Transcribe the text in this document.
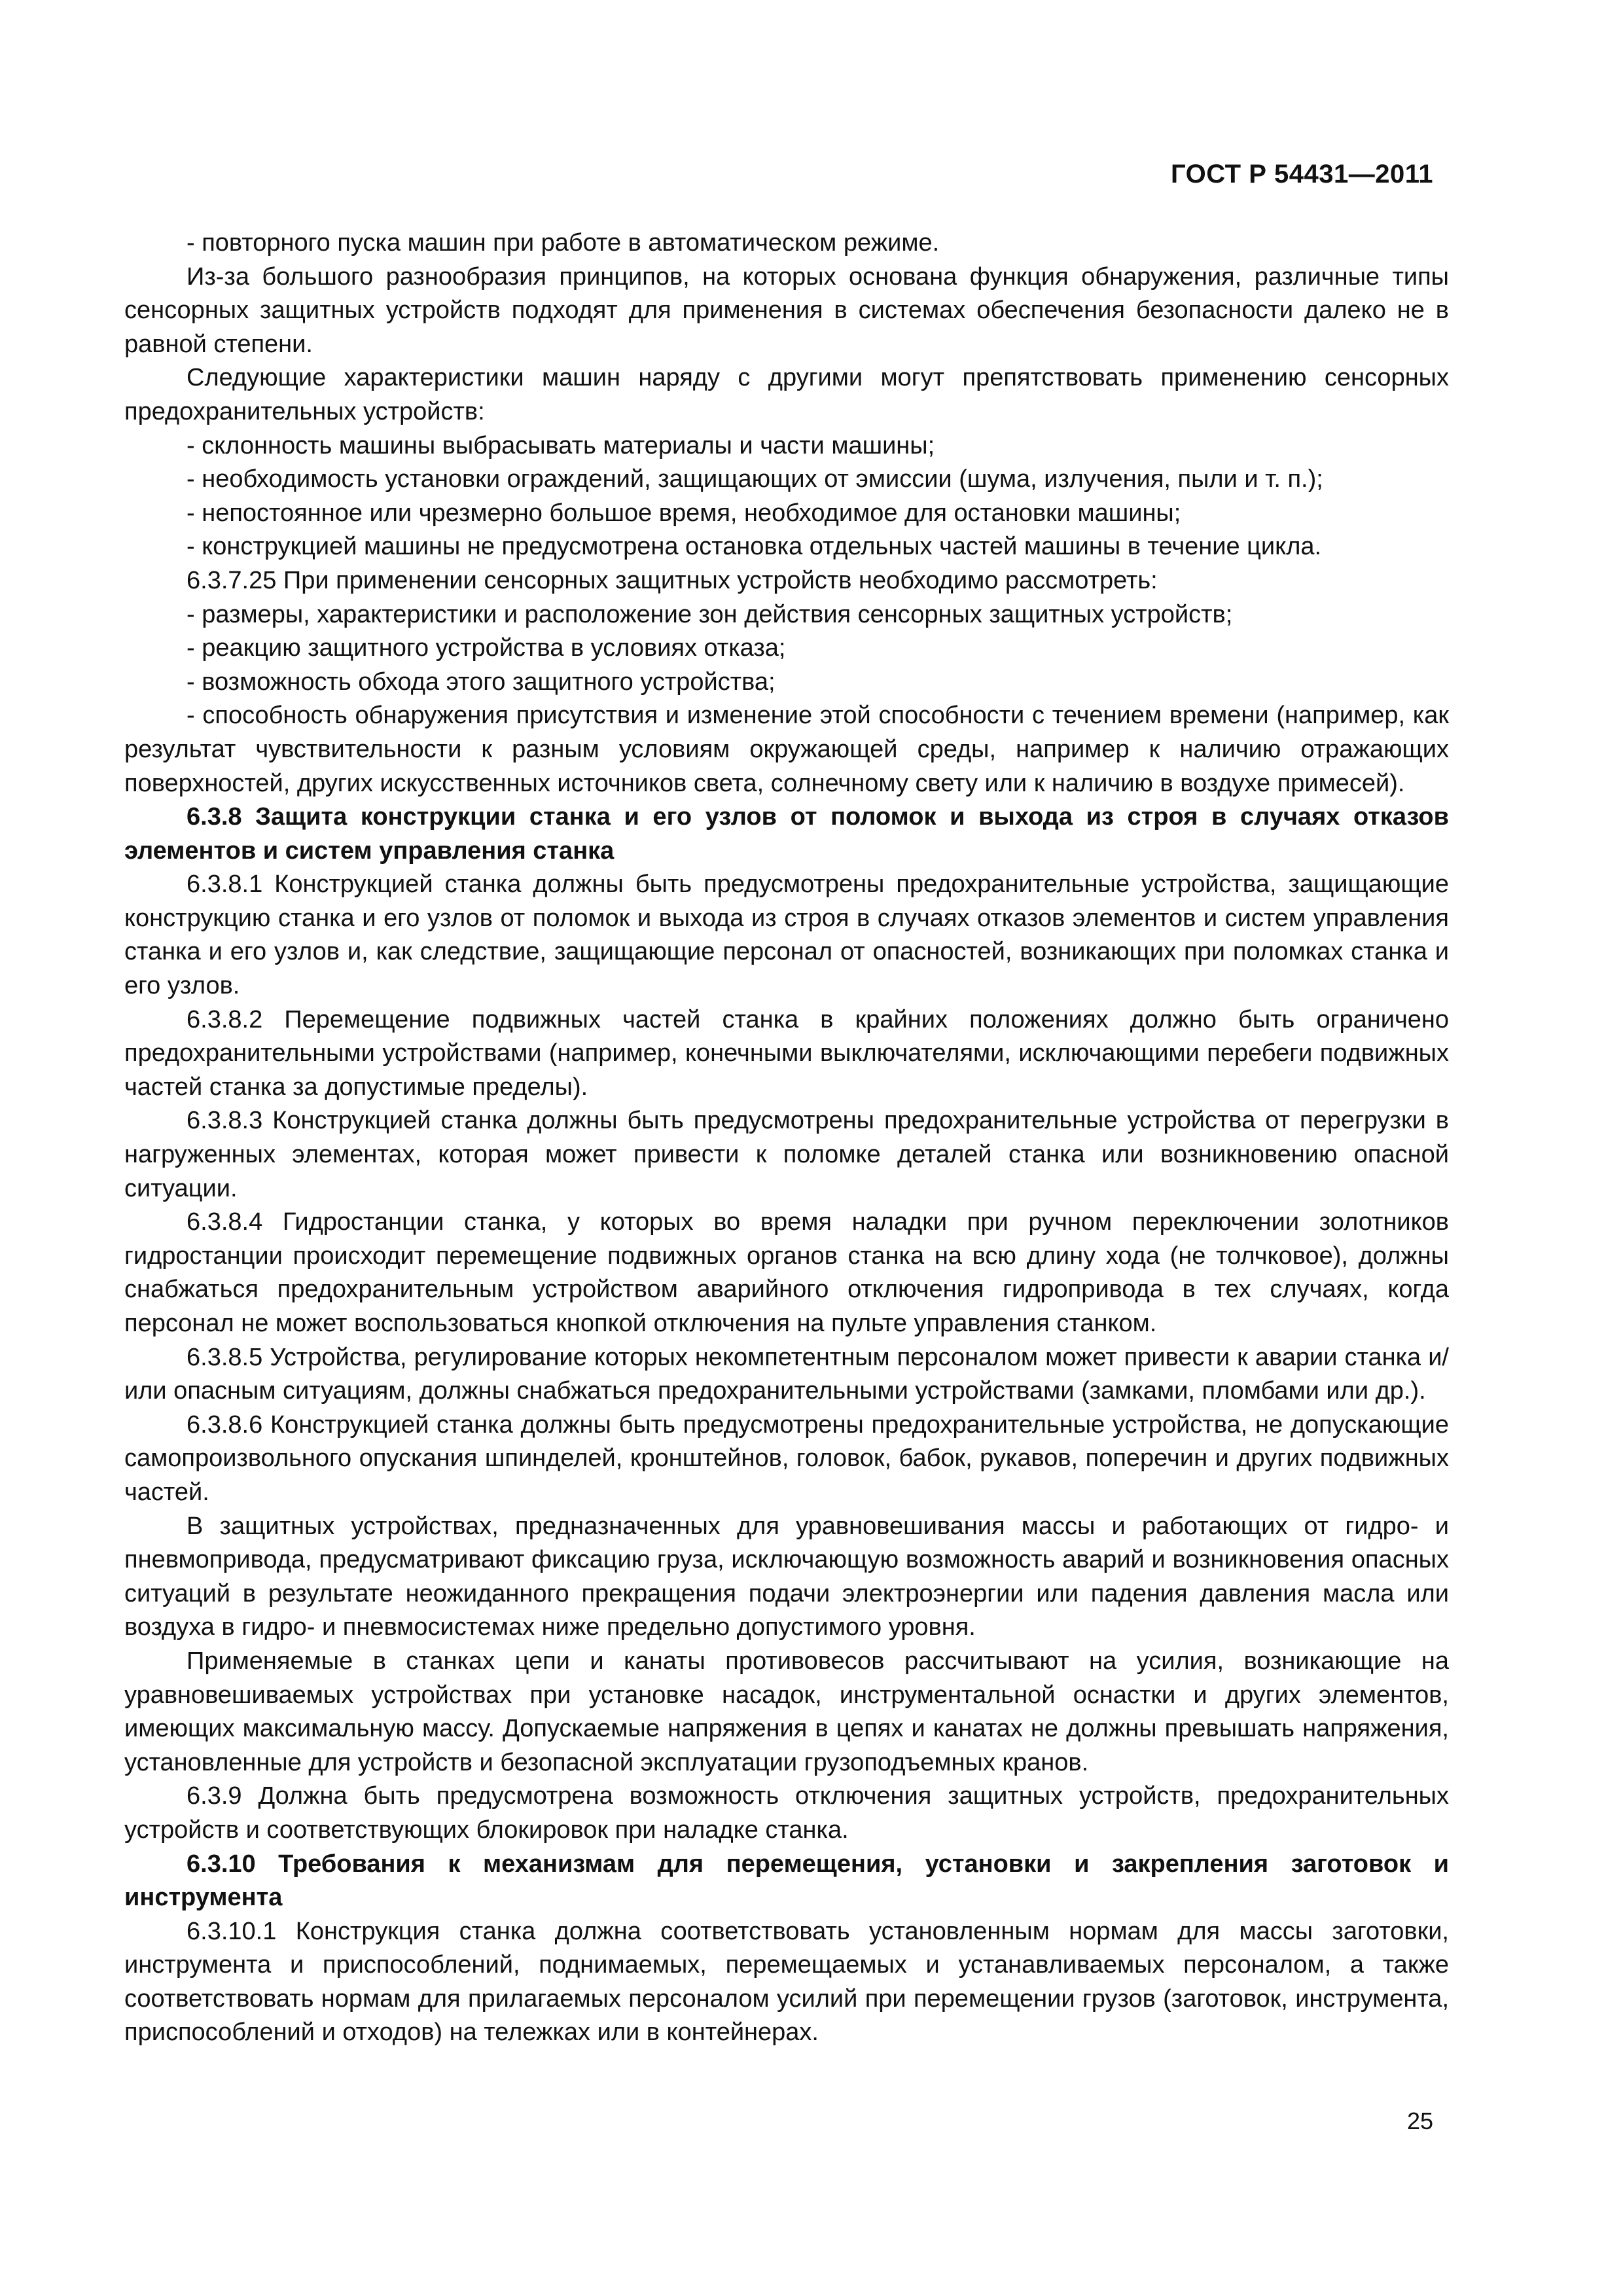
ГОСТ Р 54431—2011

- повторного пуска машин при работе в автоматическом режиме.

Из-за большого разнообразия принципов, на которых основана функция обнаружения, различные типы сенсорных защитных устройств подходят для применения в системах обеспечения безопасности далеко не в равной степени.

Следующие характеристики машин наряду с другими могут препятствовать применению сенсорных предохранительных устройств:

- склонность машины выбрасывать материалы и части машины;

- необходимость установки ограждений, защищающих от эмиссии (шума, излучения, пыли и т. п.);

- непостоянное или чрезмерно большое время, необходимое для остановки машины;

- конструкцией машины не предусмотрена остановка отдельных частей машины в течение цикла.

6.3.7.25 При применении сенсорных защитных устройств необходимо рассмотреть:

- размеры, характеристики и расположение зон действия сенсорных защитных устройств;

- реакцию защитного устройства в условиях отказа;

- возможность обхода этого защитного устройства;

- способность обнаружения присутствия и изменение этой способности с течением времени (например, как результат чувствительности к разным условиям окружающей среды, например к наличию отражающих поверхностей, других искусственных источников света, солнечному свету или к наличию в воздухе примесей).

6.3.8 Защита конструкции станка и его узлов от поломок и выхода из строя в случаях отказов элементов и систем управления станка

6.3.8.1 Конструкцией станка должны быть предусмотрены предохранительные устройства, защищающие конструкцию станка и его узлов от поломок и выхода из строя в случаях отказов элементов и систем управления станка и его узлов и, как следствие, защищающие персонал от опасностей, возникающих при поломках станка и его узлов.

6.3.8.2 Перемещение подвижных частей станка в крайних положениях должно быть ограничено предохранительными устройствами (например, конечными выключателями, исключающими перебеги подвижных частей станка за допустимые пределы).

6.3.8.3 Конструкцией станка должны быть предусмотрены предохранительные устройства от перегрузки в нагруженных элементах, которая может привести к поломке деталей станка или возникновению опасной ситуации.

6.3.8.4 Гидростанции станка, у которых во время наладки при ручном переключении золотников гидростанции происходит перемещение подвижных органов станка на всю длину хода (не толчковое), должны снабжаться предохранительным устройством аварийного отключения гидропривода в тех случаях, когда персонал не может воспользоваться кнопкой отключения на пульте управления станком.

6.3.8.5 Устройства, регулирование которых некомпетентным персоналом может привести к аварии станка и/или опасным ситуациям, должны снабжаться предохранительными устройствами (замками, пломбами или др.).

6.3.8.6 Конструкцией станка должны быть предусмотрены предохранительные устройства, не допускающие самопроизвольного опускания шпинделей, кронштейнов, головок, бабок, рукавов, поперечин и других подвижных частей.

В защитных устройствах, предназначенных для уравновешивания массы и работающих от гидро- и пневмопривода, предусматривают фиксацию груза, исключающую возможность аварий и возникновения опасных ситуаций в результате неожиданного прекращения подачи электроэнергии или падения давления масла или воздуха в гидро- и пневмосистемах ниже предельно допустимого уровня.

Применяемые в станках цепи и канаты противовесов рассчитывают на усилия, возникающие на уравновешиваемых устройствах при установке насадок, инструментальной оснастки и других элементов, имеющих максимальную массу. Допускаемые напряжения в цепях и канатах не должны превышать напряжения, установленные для устройств и безопасной эксплуатации грузоподъемных кранов.

6.3.9 Должна быть предусмотрена возможность отключения защитных устройств, предохранительных устройств и соответствующих блокировок при наладке станка.

6.3.10 Требования к механизмам для перемещения, установки и закрепления заготовок и инструмента

6.3.10.1 Конструкция станка должна соответствовать установленным нормам для массы заготовки, инструмента и приспособлений, поднимаемых, перемещаемых и устанавливаемых персоналом, а также соответствовать нормам для прилагаемых персоналом усилий при перемещении грузов (заготовок, инструмента, приспособлений и отходов) на тележках или в контейнерах.

25
